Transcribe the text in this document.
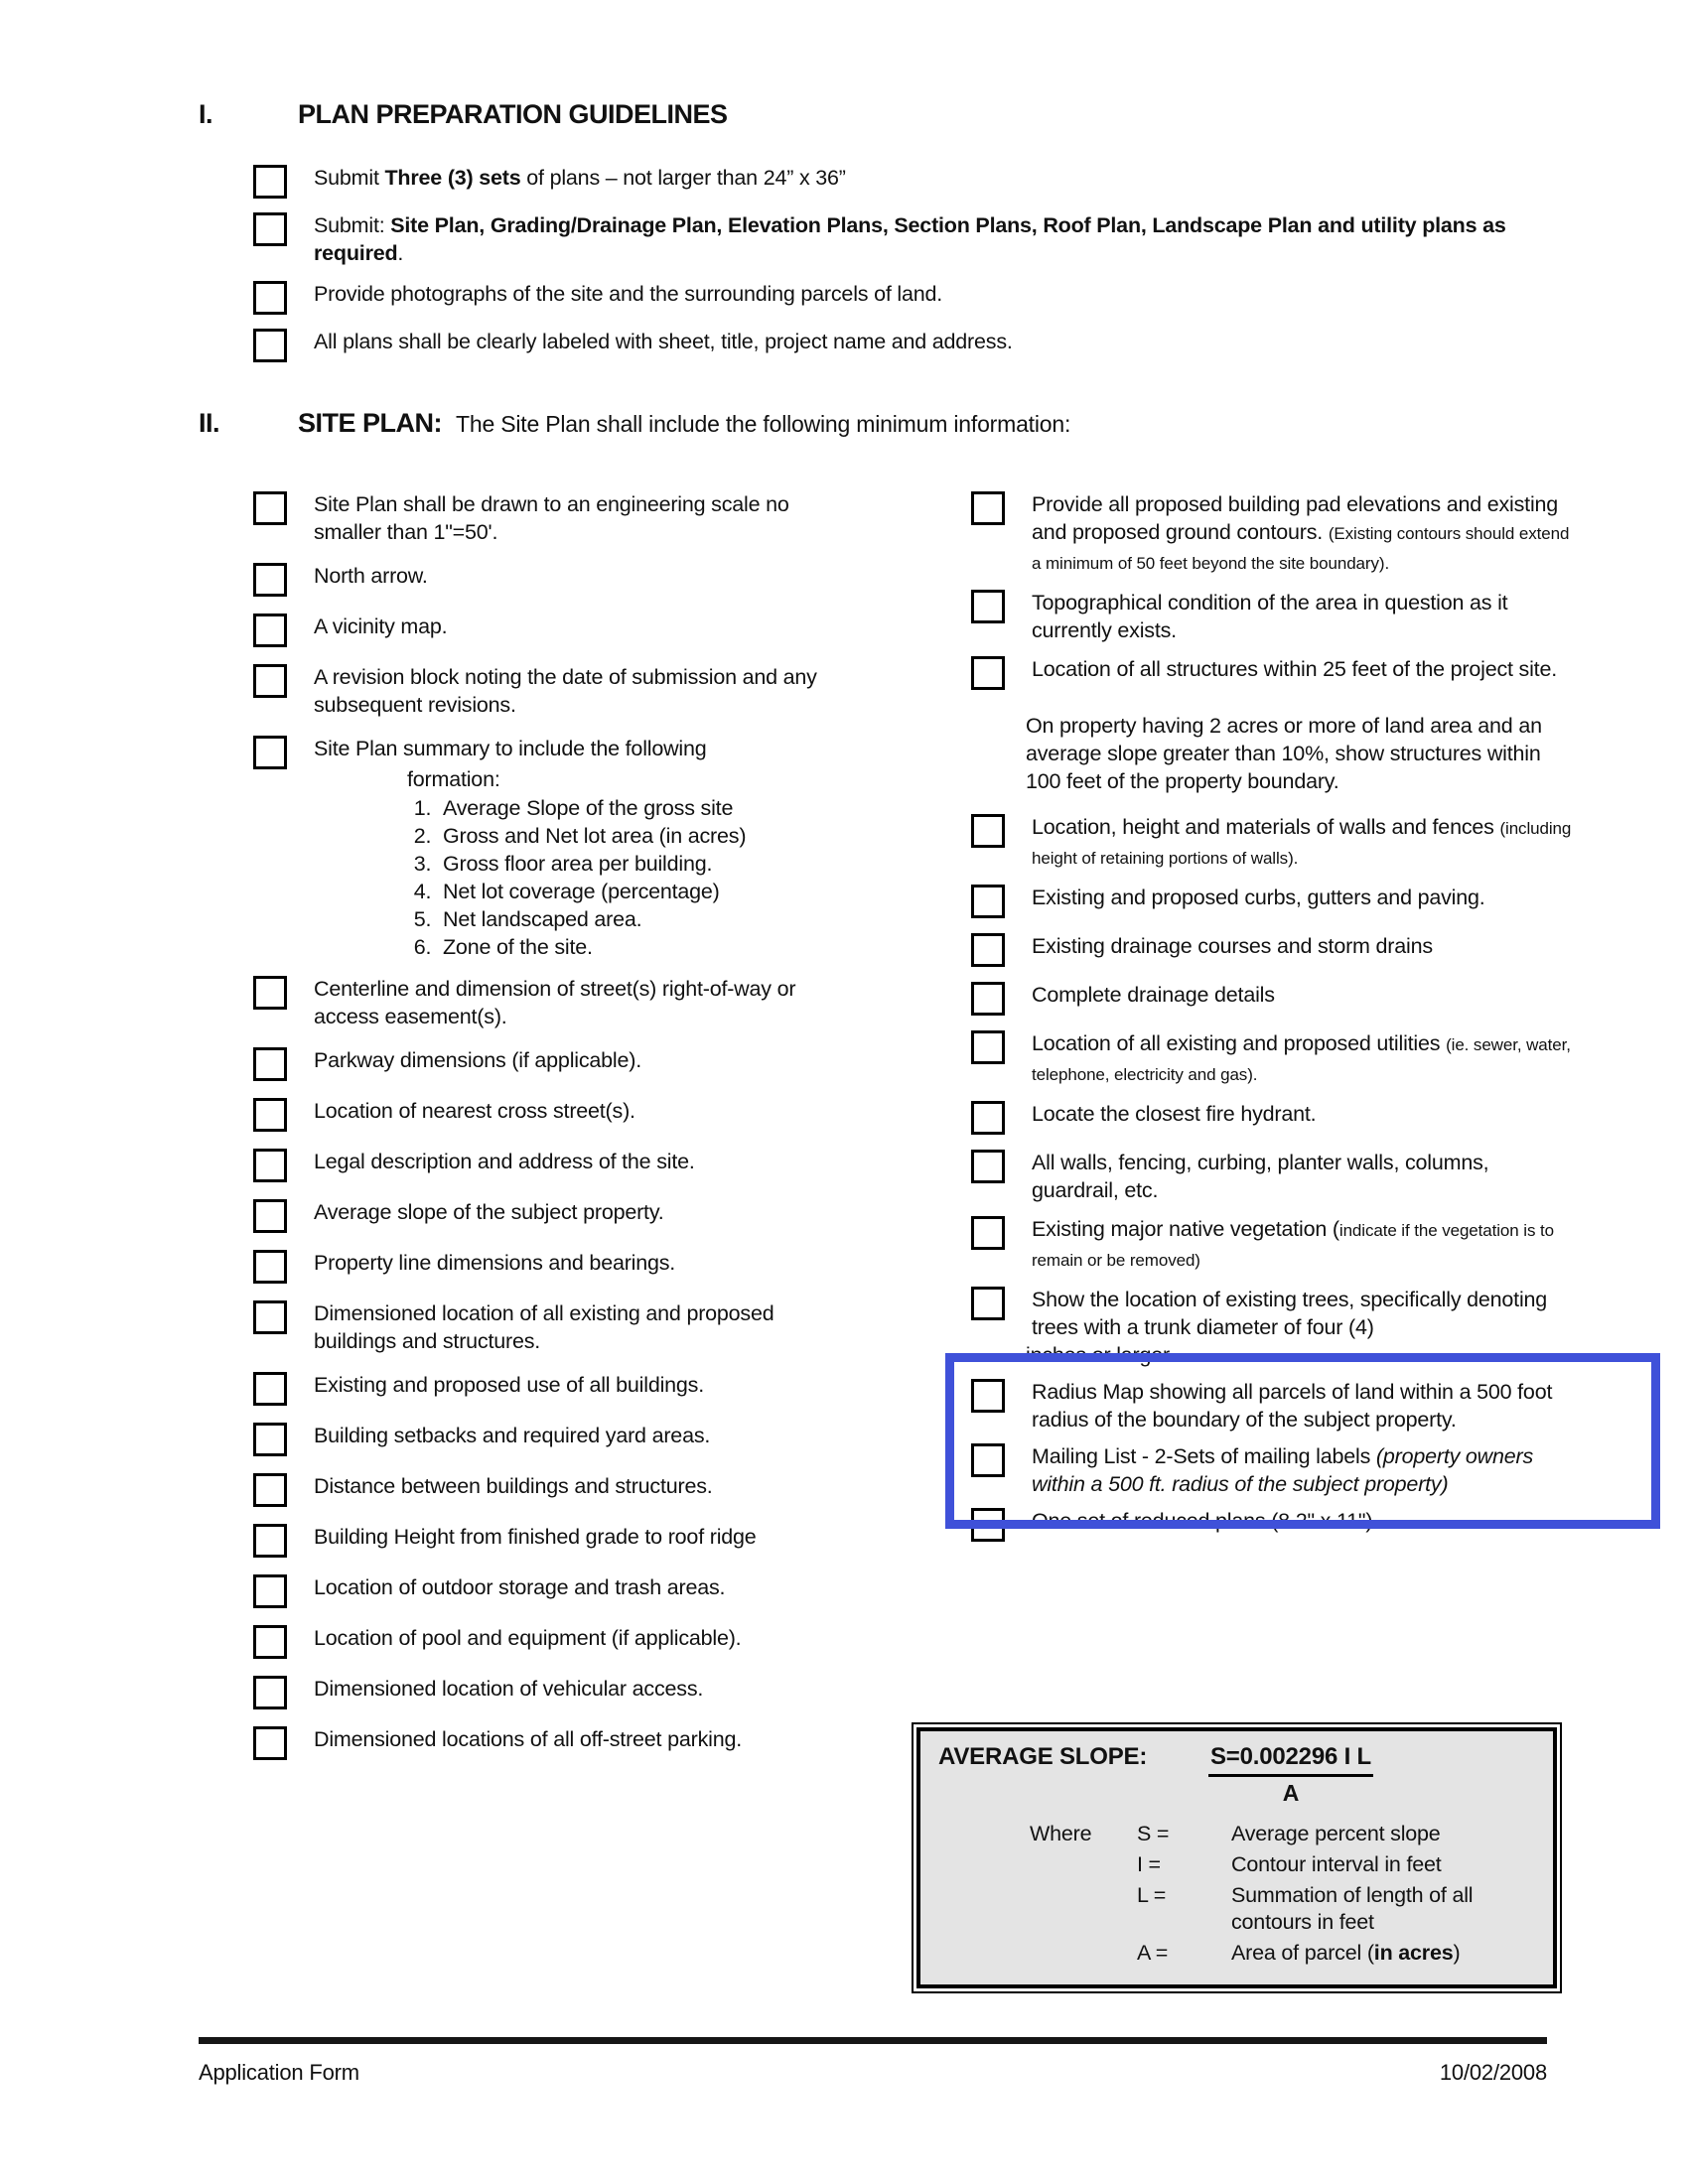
I.	PLAN PREPARATION GUIDELINES
Submit Three (3) sets of plans – not larger than 24” x 36”
Submit: Site Plan, Grading/Drainage Plan, Elevation Plans, Section Plans, Roof Plan, Landscape Plan and utility plans as required.
Provide photographs of the site and the surrounding parcels of land.
All plans shall be clearly labeled with sheet, title, project name and address.
II.	SITE PLAN: The Site Plan shall include the following minimum information:
Site Plan shall be drawn to an engineering scale no smaller than 1"=50'.
North arrow.
A vicinity map.
A revision block noting the date of submission and any subsequent revisions.
Site Plan summary to include the following
formation:
1. Average Slope of the gross site
2. Gross and Net lot area (in acres)
3. Gross floor area per building.
4. Net lot coverage (percentage)
5. Net landscaped area.
6. Zone of the site.
Centerline and dimension of street(s) right-of-way or access easement(s).
Parkway dimensions (if applicable).
Location of nearest cross street(s).
Legal description and address of the site.
Average slope of the subject property.
Property line dimensions and bearings.
Dimensioned location of all existing and proposed buildings and structures.
Existing and proposed use of all buildings.
Building setbacks and required yard areas.
Distance between buildings and structures.
Building Height from finished grade to roof ridge
Location of outdoor storage and trash areas.
Location of pool and equipment (if applicable).
Dimensioned location of vehicular access.
Dimensioned locations of all off-street parking.
Provide all proposed building pad elevations and existing and proposed ground contours. (Existing contours should extend a minimum of 50 feet beyond the site boundary).
Topographical condition of the area in question as it currently exists.
Location of all structures within 25 feet of the project site.
On property having 2 acres or more of land area and an average slope greater than 10%, show structures within 100 feet of the property boundary.
Location, height and materials of walls and fences (including height of retaining portions of walls).
Existing and proposed curbs, gutters and paving.
Existing drainage courses and storm drains
Complete drainage details
Location of all existing and proposed utilities (ie. sewer, water, telephone, electricity and gas).
Locate the closest fire hydrant.
All walls, fencing, curbing, planter walls, columns, guardrail, etc.
Existing major native vegetation (indicate if the vegetation is to remain or be removed)
Show the location of existing trees, specifically denoting trees with a trunk diameter of four (4)
inches or larger.
Radius Map showing all parcels of land within a 500 foot radius of the boundary of the subject property.
Mailing List - 2-Sets of mailing labels (property owners within a 500 ft. radius of the subject property)
One set of reduced plans (8 2" x 11")
AVERAGE SLOPE:	$\frac{\text{S=0.002296 I L}}{A}$
Where	S =	Average percent slope
I =	Contour interval in feet
L =	Summation of length of all contours in feet
A =	Area of parcel (in acres)
Application Form	10/02/2008
